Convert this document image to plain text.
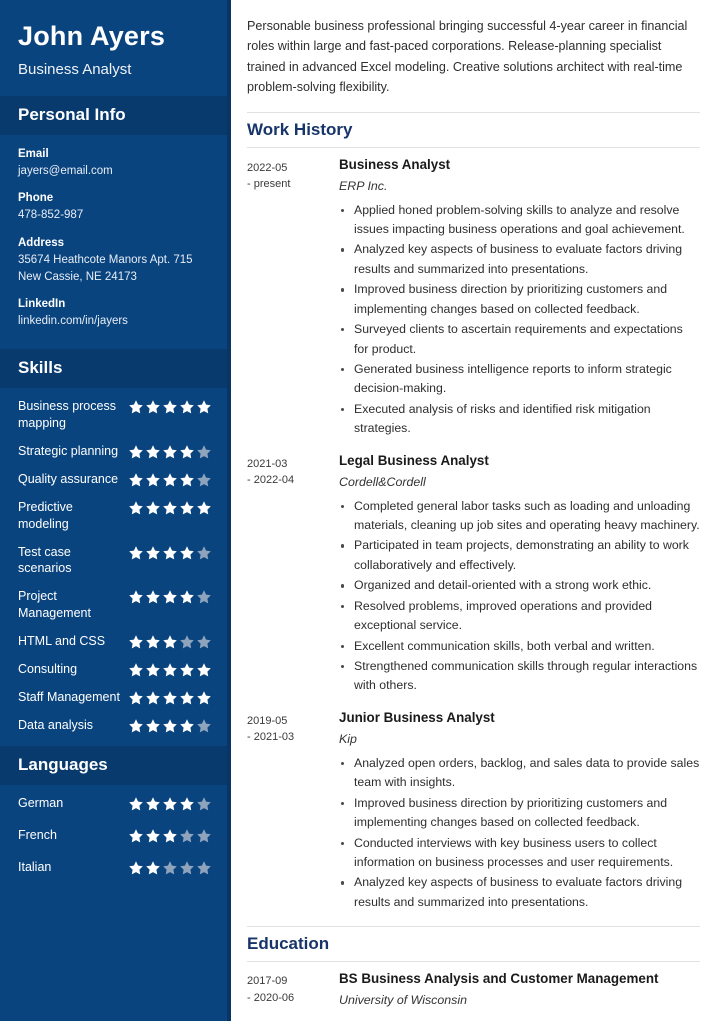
John Ayers
Business Analyst
Personal Info
Email
jayers@email.com
Phone
478-852-987
Address
35674 Heathcote Manors Apt. 715
New Cassie, NE 24173
LinkedIn
linkedin.com/in/jayers
Skills
Business process mapping
Strategic planning
Quality assurance
Predictive modeling
Test case scenarios
Project Management
HTML and CSS
Consulting
Staff Management
Data analysis
Languages
German
French
Italian

Personable business professional bringing successful 4-year career in financial roles within large and fast-paced corporations. Release-planning specialist trained in advanced Excel modeling. Creative solutions architect with real-time problem-solving flexibility.

Work History
2022-05
- present
Business Analyst
ERP Inc.
Applied honed problem-solving skills to analyze and resolve issues impacting business operations and goal achievement.
Analyzed key aspects of business to evaluate factors driving results and summarized into presentations.
Improved business direction by prioritizing customers and implementing changes based on collected feedback.
Surveyed clients to ascertain requirements and expectations for product.
Generated business intelligence reports to inform strategic decision-making.
Executed analysis of risks and identified risk mitigation strategies.
2021-03
- 2022-04
Legal Business Analyst
Cordell&Cordell
Completed general labor tasks such as loading and unloading materials, cleaning up job sites and operating heavy machinery.
Participated in team projects, demonstrating an ability to work collaboratively and effectively.
Organized and detail-oriented with a strong work ethic.
Resolved problems, improved operations and provided exceptional service.
Excellent communication skills, both verbal and written.
Strengthened communication skills through regular interactions with others.
2019-05
- 2021-03
Junior Business Analyst
Kip
Analyzed open orders, backlog, and sales data to provide sales team with insights.
Improved business direction by prioritizing customers and implementing changes based on collected feedback.
Conducted interviews with key business users to collect information on business processes and user requirements.
Analyzed key aspects of business to evaluate factors driving results and summarized into presentations.
Education
2017-09
- 2020-06
BS Business Analysis and Customer Management
University of Wisconsin
